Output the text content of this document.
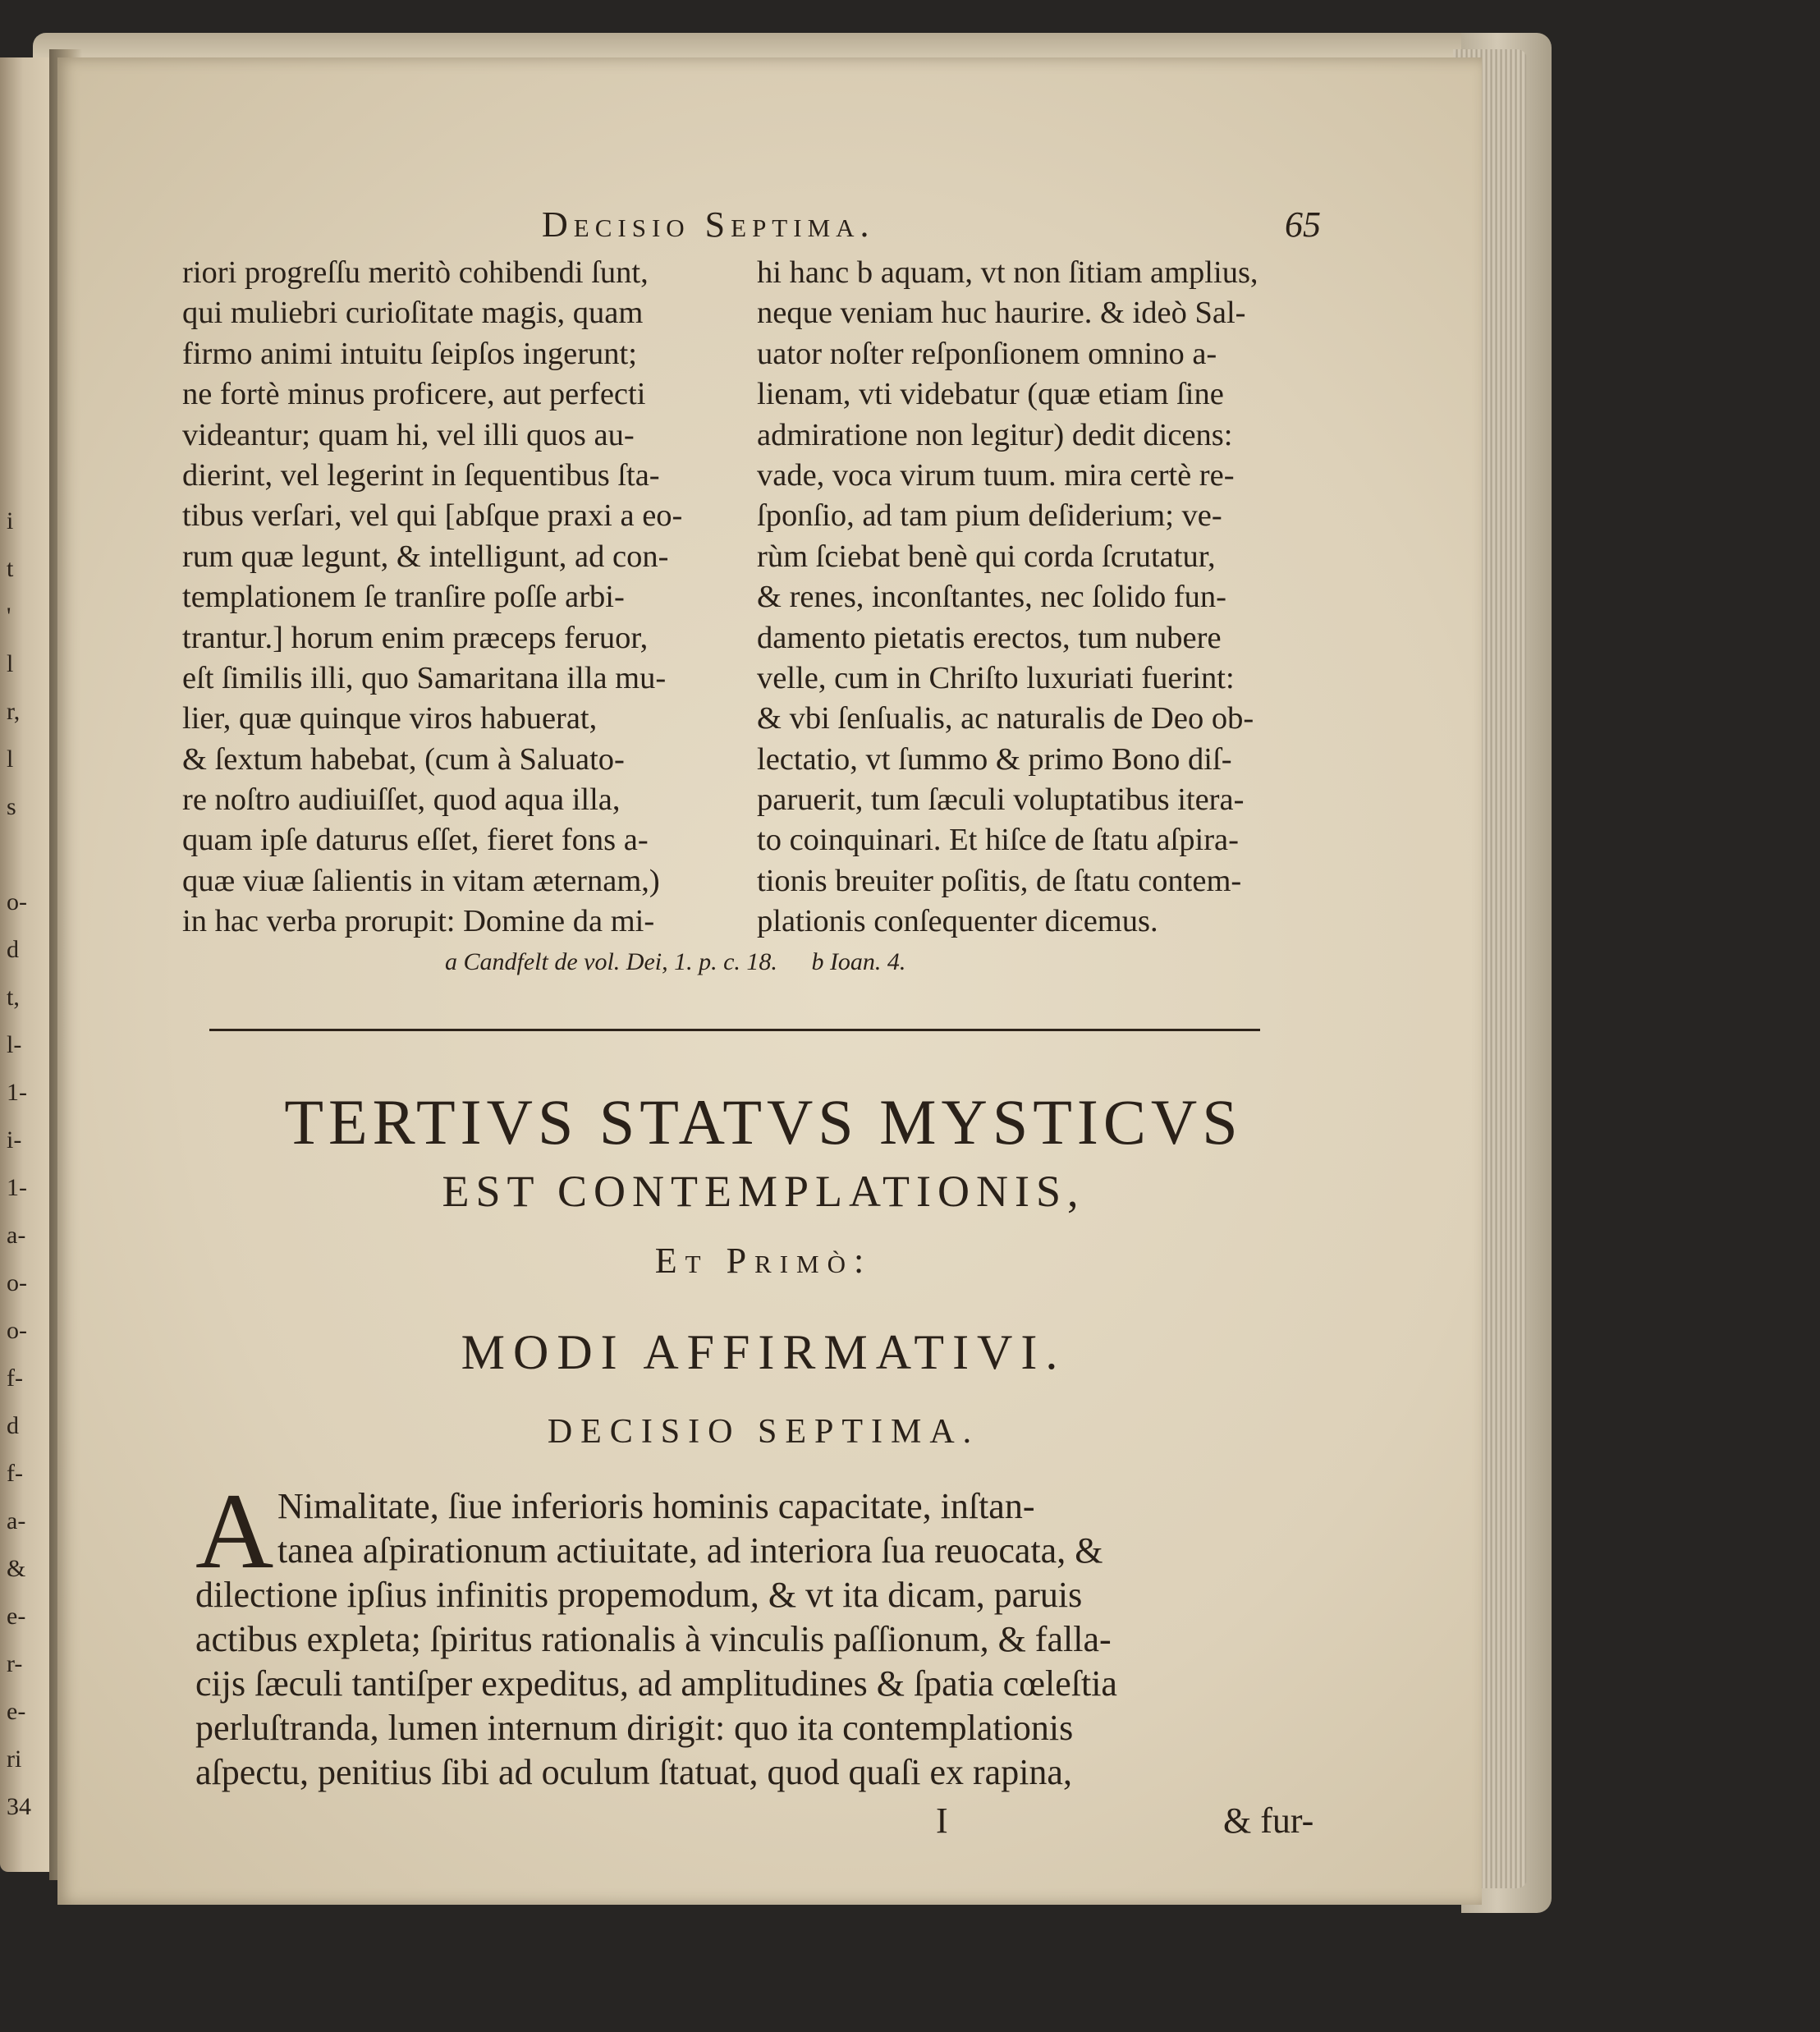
i
t
'
l
r,
l
s
o-
d
t,
l-
1-
i-
1-
a-
o-
o-
f-
d
f-
a-
&
e-
r-
e-
ri
34
Decisio Septima.	65
riori progreſſu meritò cohibendi ſunt,
qui muliebri curioſitate magis, quam
firmo animi intuitu ſeipſos ingerunt;
ne fortè minus proficere, aut perfecti
videantur; quam hi, vel illi quos au-
dierint, vel legerint in ſequentibus ſta-
tibus verſari, vel qui [abſque praxi a eo-
rum quæ legunt, & intelligunt, ad con-
templationem ſe tranſire poſſe arbi-
trantur.] horum enim præceps feruor,
eſt ſimilis illi, quo Samaritana illa mu-
lier, quæ quinque viros habuerat,
& ſextum habebat, (cum à Saluato-
re noſtro audiuiſſet, quod aqua illa,
quam ipſe daturus eſſet, fieret fons a-
quæ viuæ ſalientis in vitam æternam,)
in hac verba prorupit: Domine da mi-
hi hanc b aquam, vt non ſitiam amplius,
neque veniam huc haurire. & ideò Sal-
uator noſter reſponſionem omnino a-
lienam, vti videbatur (quæ etiam ſine
admiratione non legitur) dedit dicens:
vade, voca virum tuum. mira certè re-
ſponſio, ad tam pium deſiderium; ve-
rùm ſciebat benè qui corda ſcrutatur,
& renes, inconſtantes, nec ſolido fun-
damento pietatis erectos, tum nubere
velle, cum in Chriſto luxuriati fuerint:
& vbi ſenſualis, ac naturalis de Deo ob-
lectatio, vt ſummo & primo Bono diſ-
paruerit, tum ſæculi voluptatibus itera-
to coinquinari. Et hiſce de ſtatu aſpira-
tionis breuiter poſitis, de ſtatu contem-
plationis conſequenter dicemus.
a Candfelt de vol. Dei, 1. p. c. 18. b Ioan. 4.
TERTIVS STATVS MYSTICVS
EST CONTEMPLATIONIS,
Et Primò:
MODI AFFIRMATIVI.
DECISIO SEPTIMA.
A Nimalitate, ſiue inferioris hominis capacitate, inſtan-
tanea aſpirationum actiuitate, ad interiora ſua reuocata, &
dilectione ipſius infinitis propemodum, & vt ita dicam, paruis
actibus expleta; ſpiritus rationalis à vinculis paſſionum, & falla-
cijs ſæculi tantiſper expeditus, ad amplitudines & ſpatia cœleſtia
perluſtranda, lumen internum dirigit: quo ita contemplationis
aſpectu, penitius ſibi ad oculum ſtatuat, quod quaſi ex rapina,
I	& fur-
